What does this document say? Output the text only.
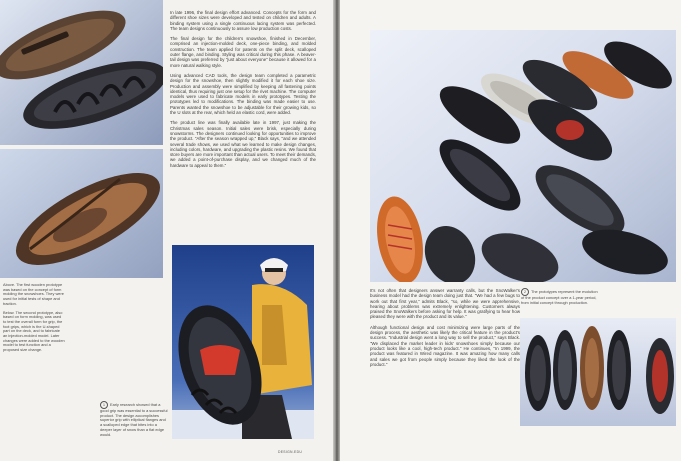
Above. The first wooden prototype was based on the concept of form molding the snowshoes. They were used for initial tests of shape and traction.

Below. The second prototype, also based on form molding, was used to test the overall form for grip, the foot grips, which is the U-shaped part on the deck, and to fabricate an injection-molded model. Later changes were added to the wooden model to test function and a proposed size change.

In late 1996, the final design effort advanced. Concepts for the form and different shoe sizes were developed and tested on children and adults. A binding system using a single continuous lacing system was perfected. The team designs continuously to assure low production costs.

The final design for the children's snowshoe, finished in December, comprised an injection-molded deck, one-piece binding, and molded construction. The team applied for patents on the split deck, scalloped outer flange, and binding. Styling was critical during this phase. A beaver-tail design was preferred by "just about everyone" because it allowed for a more natural walking style.

Using advanced CAD tools, the design team completed a parametric design for the snowshoe, then slightly modified it for each shoe size. Production and assembly were simplified by keeping all fastening points identical, thus requiring just one setup for the rivet machine. The computer models were used to fabricate models in early prototypes. Testing the prototypes led to modifications. The binding was made easier to use. Parents wanted the snowshoe to be adjustable for their growing kids, so the U slots at the rear, which held an elastic cord, were added.

The product line was finally available late in 1997, just making the Christmas sales season. Initial sales were brisk, especially during snowstorms. The designers continued looking for opportunities to improve the product. "After the season wrapped up," Black says, "and we attended several trade shows, we used what we learned to make design changes, including colors, hardware, and upgrading the plastic resins. We found that store buyers are more important than actual users. To meet their demands, we added a point-of-purchase display, and we changed much of the hardware to appeal to them."

1 Early research showed that a good grip was essential to a successful product. The design accomplishes superior grip with elliptical flanges and a scalloped edge that bites into a deeper layer of snow than a flat edge would.
DESIGN.EDU

It's not often that designers answer warranty calls, but the SnoWalker's business model had the design team doing just that. "We had a few bugs to work out that first year," admits Black, "so, while we were apprehensive, hearing about problems was extremely enlightening. Customers always praised the SnoWalkers before asking for help. It was gratifying to hear how pleased they were with the product and its value."

Although functional design and cost minimizing were large parts of the design process, the aesthetic was likely the critical feature in the product's success. "Industrial design went a long way to sell the product," says Black. "We displaced the market leader in kids' snowshoes simply because our product looks like a cool, high-tech product." He continues, "In 1999, the product was featured in Wired magazine. It was amazing how many calls and sales we got from people simply because they liked the look of the product."

2 The prototypes represent the evolution of the product concept over a 1-year period, from initial concept through production.
